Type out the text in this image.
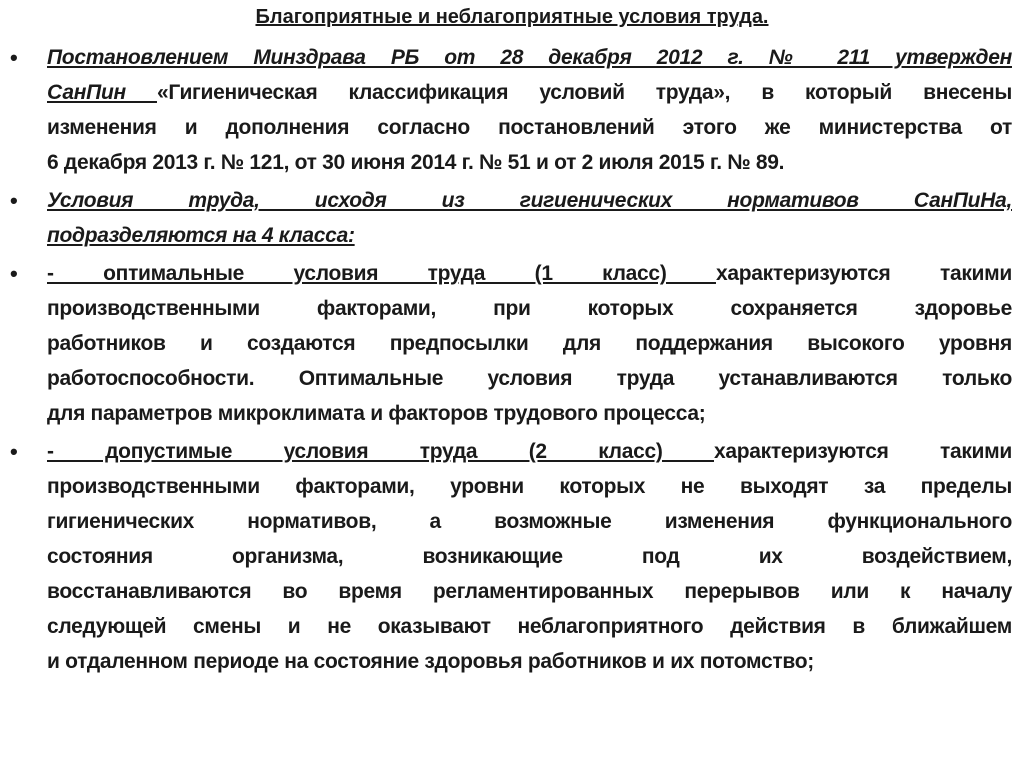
Благоприятные и неблагоприятные условия труда.
• Постановлением Минздрава РБ от 28 декабря 2012 г. № 211 утвержден
СанПин «Гигиеническая классификация условий труда», в который внесены
изменения и дополнения согласно постановлений этого же министерства от
6 декабря 2013 г. № 121, от 30 июня 2014 г. № 51 и от 2 июля 2015 г. № 89.
• Условия труда, исходя из гигиенических нормативов СанПиНа,
подразделяются на 4 класса:
• - оптимальные условия труда (1 класс) характеризуются такими
производственными факторами, при которых сохраняется здоровье
работников и создаются предпосылки для поддержания высокого уровня
работоспособности. Оптимальные условия труда устанавливаются только
для параметров микроклимата и факторов трудового процесса;
• - допустимые условия труда (2 класс) характеризуются такими
производственными факторами, уровни которых не выходят за пределы
гигиенических нормативов, а возможные изменения функционального
состояния организма, возникающие под их воздействием,
восстанавливаются во время регламентированных перерывов или к началу
следующей смены и не оказывают неблагоприятного действия в ближайшем
и отдаленном периоде на состояние здоровья работников и их потомство;
